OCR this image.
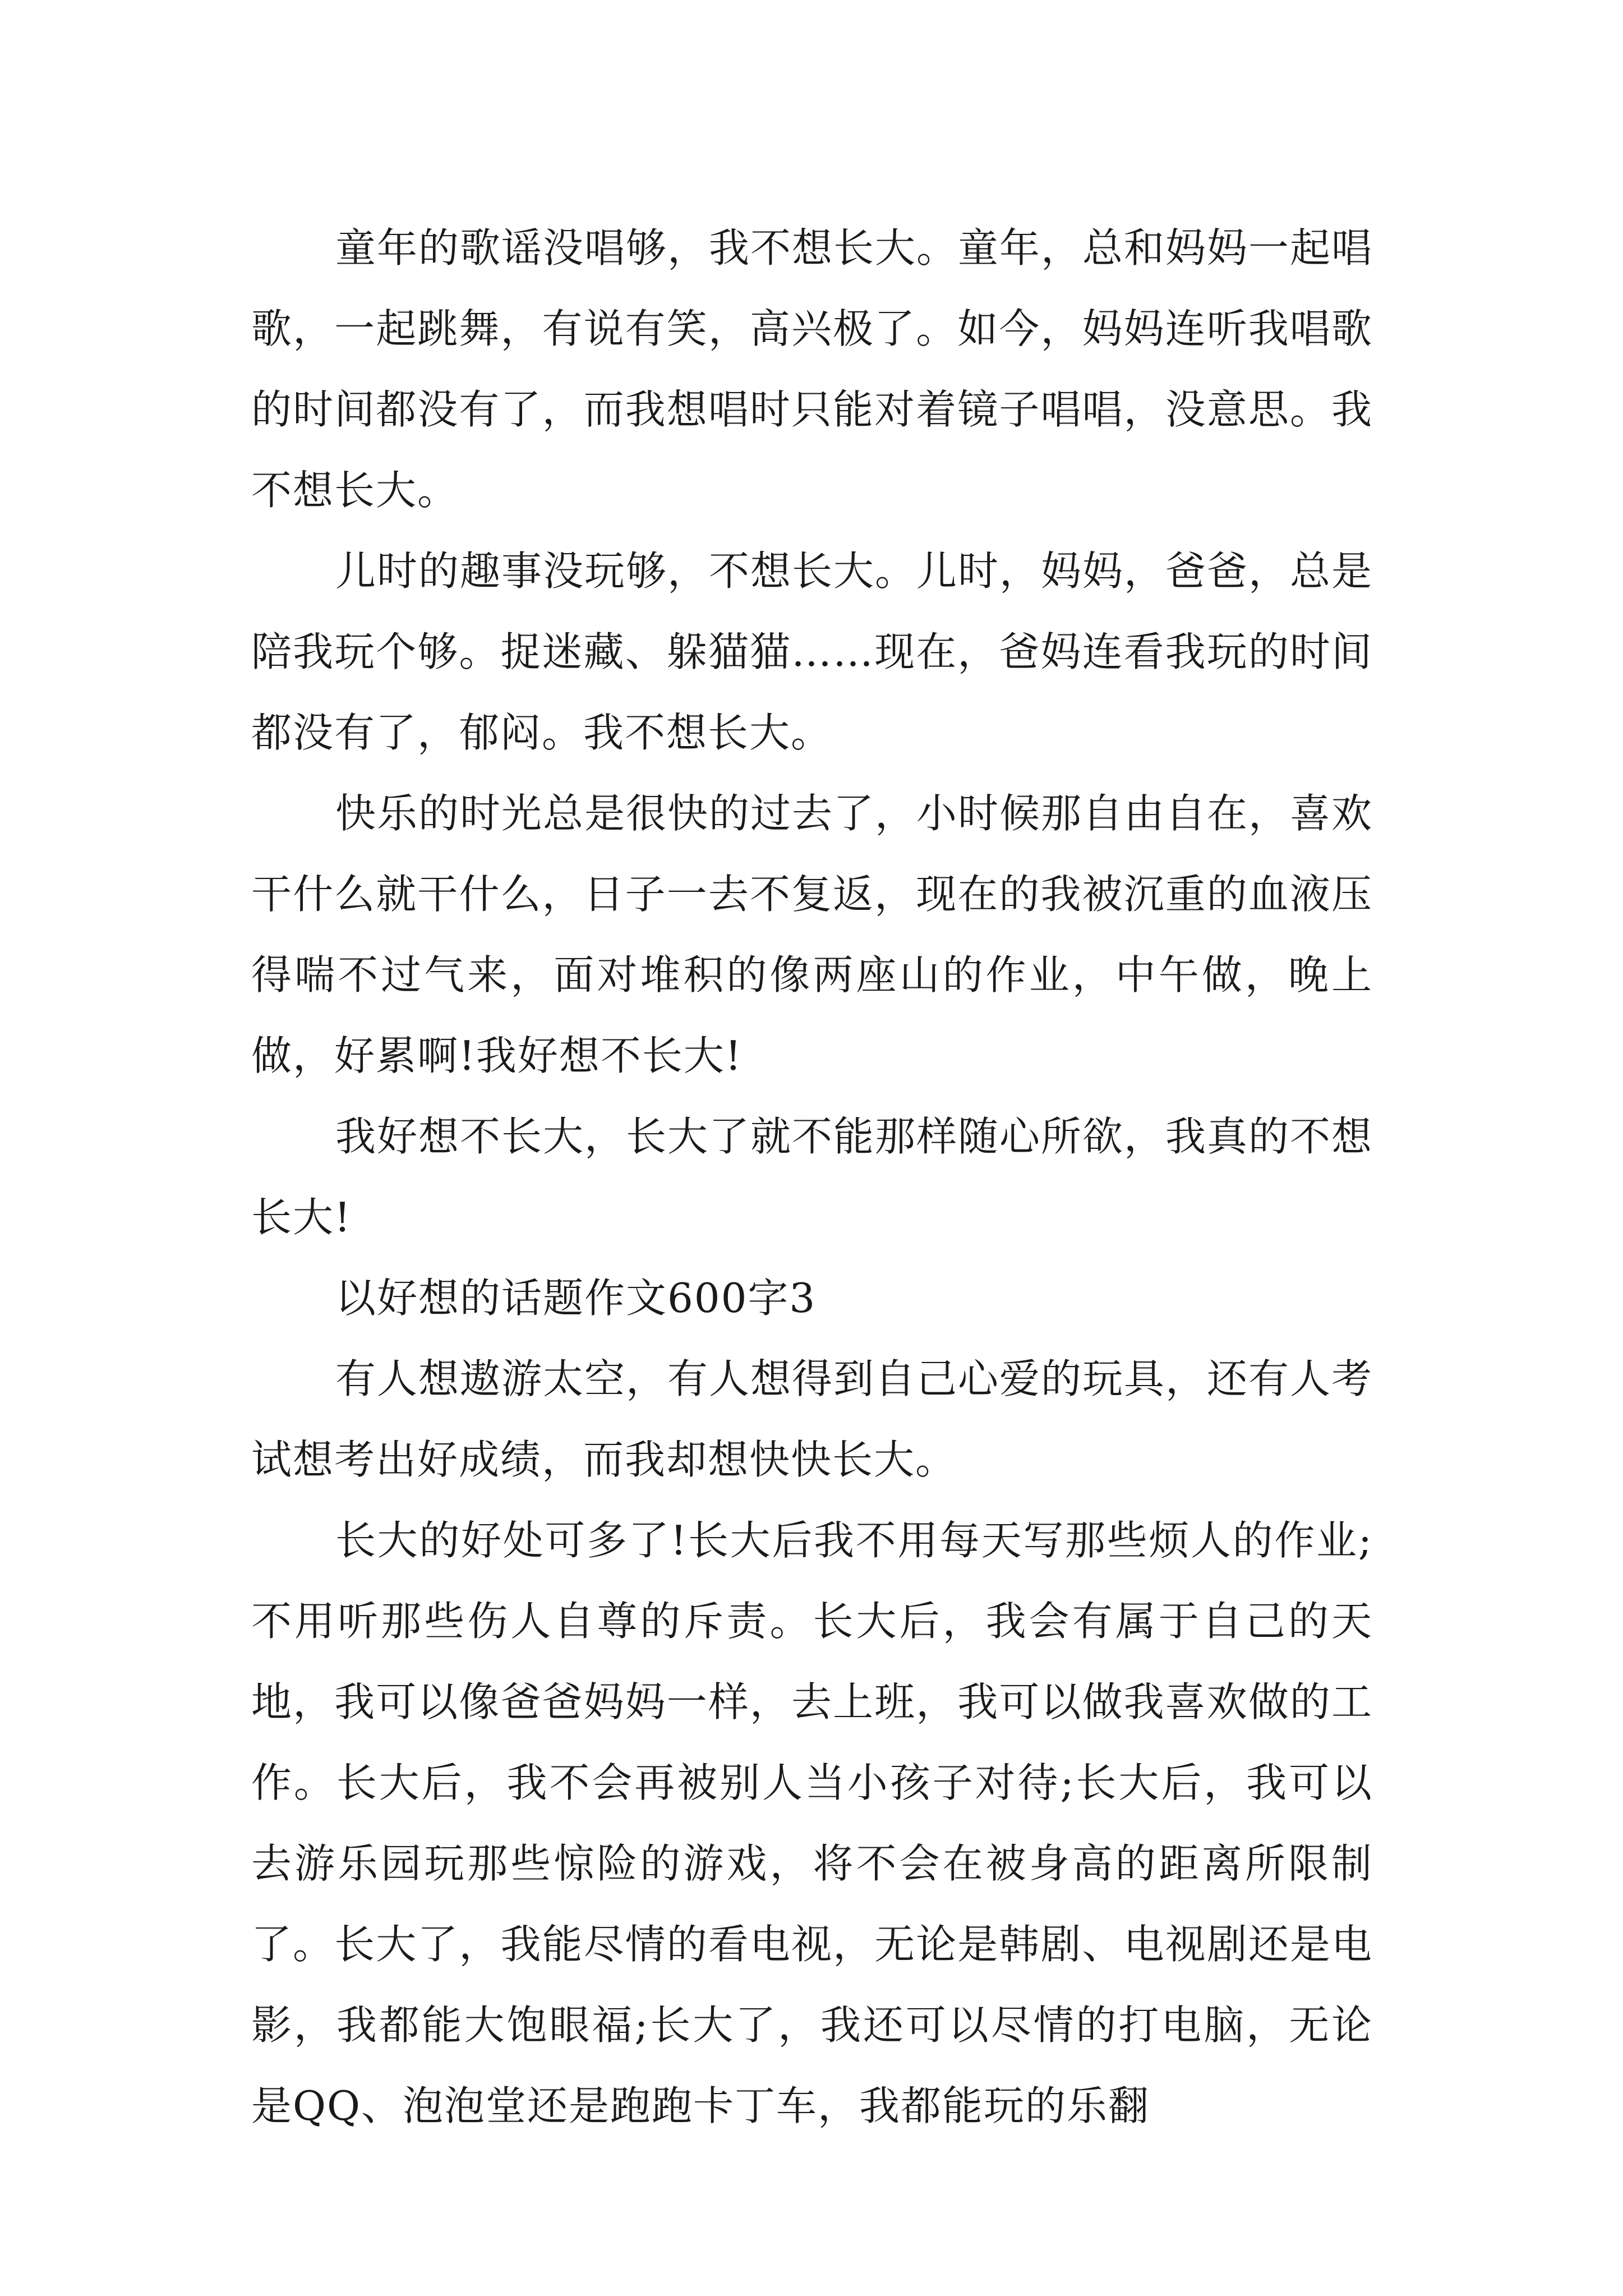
童年的歌谣没唱够，我不想长大。童年，总和妈妈一起唱歌，一起跳舞，有说有笑，高兴极了。如今，妈妈连听我唱歌的时间都没有了，而我想唱时只能对着镜子唱唱，没意思。我不想长大。

儿时的趣事没玩够，不想长大。儿时，妈妈，爸爸，总是陪我玩个够。捉迷藏、躲猫猫……现在，爸妈连看我玩的时间都没有了，郁闷。我不想长大。

快乐的时光总是很快的过去了，小时候那自由自在，喜欢干什么就干什么，日子一去不复返，现在的我被沉重的血液压得喘不过气来，面对堆积的像两座山的作业，中午做，晚上做，好累啊!我好想不长大!

我好想不长大，长大了就不能那样随心所欲，我真的不想长大!

以好想的话题作文600字3

有人想遨游太空，有人想得到自己心爱的玩具，还有人考试想考出好成绩，而我却想快快长大。

长大的好处可多了!长大后我不用每天写那些烦人的作业;不用听那些伤人自尊的斥责。长大后，我会有属于自己的天地，我可以像爸爸妈妈一样，去上班，我可以做我喜欢做的工作。长大后，我不会再被别人当小孩子对待;长大后，我可以去游乐园玩那些惊险的游戏，将不会在被身高的距离所限制了。长大了，我能尽情的看电视，无论是韩剧、电视剧还是电影，我都能大饱眼福;长大了，我还可以尽情的打电脑，无论是QQ、泡泡堂还是跑跑卡丁车，我都能玩的乐翻
